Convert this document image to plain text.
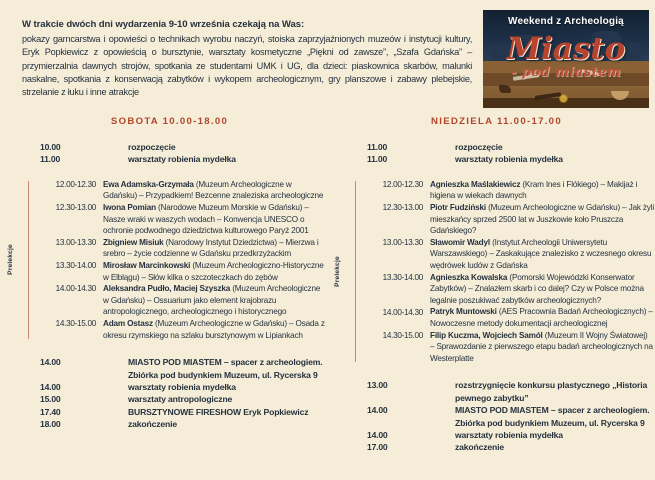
W trakcie dwóch dni wydarzenia 9-10 września czekają na Was:
pokazy garncarstwa i opowieści o technikach wyrobu naczyń, stoiska zaprzyjaźnionych muzeów i instytucji kultury, Eryk Popkiewicz z opowieścią o bursztynie, warsztaty kosmetyczne „Piękni od zawsze”, „Szafa Gdańska” – przymierzalnia dawnych strojów, spotkania ze studentami UMK i UG, dla dzieci: piaskownica skarbów, malunki naskalne, spotkania z konserwacją zabytków i wykopem archeologicznym, gry planszowe i zabawy plebejskie, strzelanie z łuku i inne atrakcje
Weekend z Archeologią
Miasto
- pod miastem
SOBOTA 10.00-18.00
10.00	rozpoczęcie
11.00	warsztaty robienia mydełka
Prelekcje
12.00-12.30 Ewa Adamska-Grzymała (Muzeum Archeologiczne w Gdańsku) – Przypadkiem! Bezcenne znaleziska archeologiczne
12.30-13.00 Iwona Pomian (Narodowe Muzeum Morskie w Gdańsku) – Nasze wraki w waszych wodach – Konwencja UNESCO o ochronie podwodnego dziedzictwa kulturowego Paryż 2001
13.00-13.30 Zbigniew Misiuk (Narodowy Instytut Dziedzictwa) – Mierzwa i srebro – życie codzienne w Gdańsku przedkrzyżackim
13.30-14.00 Mirosław Marcinkowski (Muzeum Archeologiczno-Historyczne w Elblągu) – Słów kilka o szczoteczkach do zębów
14.00-14.30 Aleksandra Pudło, Maciej Szyszka (Muzeum Archeologiczne w Gdańsku) – Ossuarium jako element krajobrazu antropologicznego, archeologicznego i historycznego
14.30-15.00 Adam Ostasz (Muzeum Archeologiczne w Gdańsku) – Osada z okresu rzymskiego na szlaku bursztynowym w Lipiankach
14.00	MIASTO POD MIASTEM – spacer z archeologiem. Zbiórka pod budynkiem Muzeum, ul. Rycerska 9
14.00	warsztaty robienia mydełka
15.00	warsztaty antropologiczne
17.40	BURSZTYNOWE FIRESHOW Eryk Popkiewicz
18.00	zakończenie
NIEDZIELA 11.00-17.00
11.00	rozpoczęcie
11.00	warsztaty robienia mydełka
Prelekcje
12.00-12.30 Agnieszka Maślakiewicz (Kram Ines i Flókiego) – Makijaż i higiena w wiekach dawnych
12.30-13.00 Piotr Fudziński (Muzeum Archeologiczne w Gdańsku) – Jak żyli mieszkańcy sprzed 2500 lat w Juszkowie koło Pruszcza Gdańskiego?
13.00-13.30 Sławomir Wadyl (Instytut Archeologii Uniwersytetu Warszawskiego) – Zaskakujące znalezisko z wczesnego okresu wędrówek ludów z Gdańska
13.30-14.00 Agnieszka Kowalska (Pomorski Wojewódzki Konserwator Zabytków) – Znalazłem skarb i co dalej? Czy w Polsce można legalnie poszukiwać zabytków archeologicznych?
14.00-14.30 Patryk Muntowski (AES Pracownia Badań Archeologicznych) – Nowoczesne metody dokumentacji archeologicznej
14.30-15.00 Filip Kuczma, Wojciech Samól (Muzeum II Wojny Światowej) – Sprawozdanie z pierwszego etapu badań archeologicznych na Westerplatte
13.00	rozstrzygnięcie konkursu plastycznego „Historia pewnego zabytku”
14.00	MIASTO POD MIASTEM – spacer z archeologiem. Zbiórka pod budynkiem Muzeum, ul. Rycerska 9
14.00	warsztaty robienia mydełka
17.00	zakończenie
